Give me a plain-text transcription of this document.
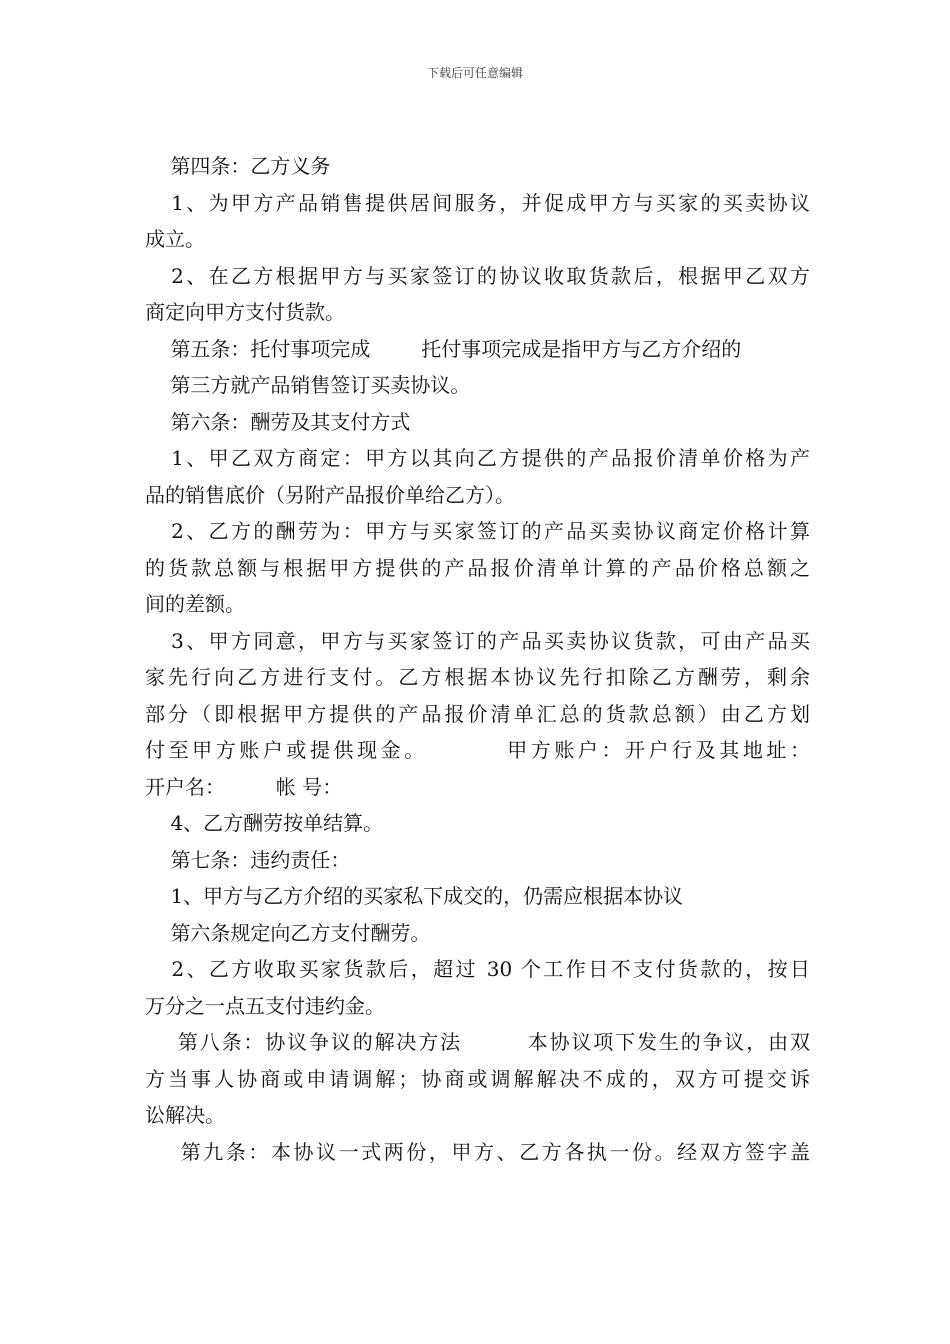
下载后可任意编辑

第四条：乙方义务

1、为甲方产品销售提供居间服务，并促成甲方与买家的买卖协议

成立。

2、在乙方根据甲方与买家签订的协议收取货款后，根据甲乙双方

商定向甲方支付货款。

第五条：托付事项完成        托付事项完成是指甲方与乙方介绍的

第三方就产品销售签订买卖协议。

第六条：酬劳及其支付方式

1、甲乙双方商定：甲方以其向乙方提供的产品报价清单价格为产

品的销售底价（另附产品报价单给乙方）。

2、乙方的酬劳为：甲方与买家签订的产品买卖协议商定价格计算

的货款总额与根据甲方提供的产品报价清单计算的产品价格总额之

间的差额。

3、甲方同意，甲方与买家签订的产品买卖协议货款，可由产品买

家先行向乙方进行支付。乙方根据本协议先行扣除乙方酬劳，剩余

部分（即根据甲方提供的产品报价清单汇总的货款总额）由乙方划

付至甲方账户或提供现金。        甲方账户：开户行及其地址：

开户名：        帐 号：

4、乙方酬劳按单结算。

第七条：违约责任：

1、甲方与乙方介绍的买家私下成交的，仍需应根据本协议

第六条规定向乙方支付酬劳。

2、乙方收取买家货款后，超过 30 个工作日不支付货款的，按日

万分之一点五支付违约金。

第八条：协议争议的解决方法        本协议项下发生的争议，由双

方当事人协商或申请调解；协商或调解解决不成的，双方可提交诉

讼解决。

第九条：本协议一式两份，甲方、乙方各执一份。经双方签字盖
